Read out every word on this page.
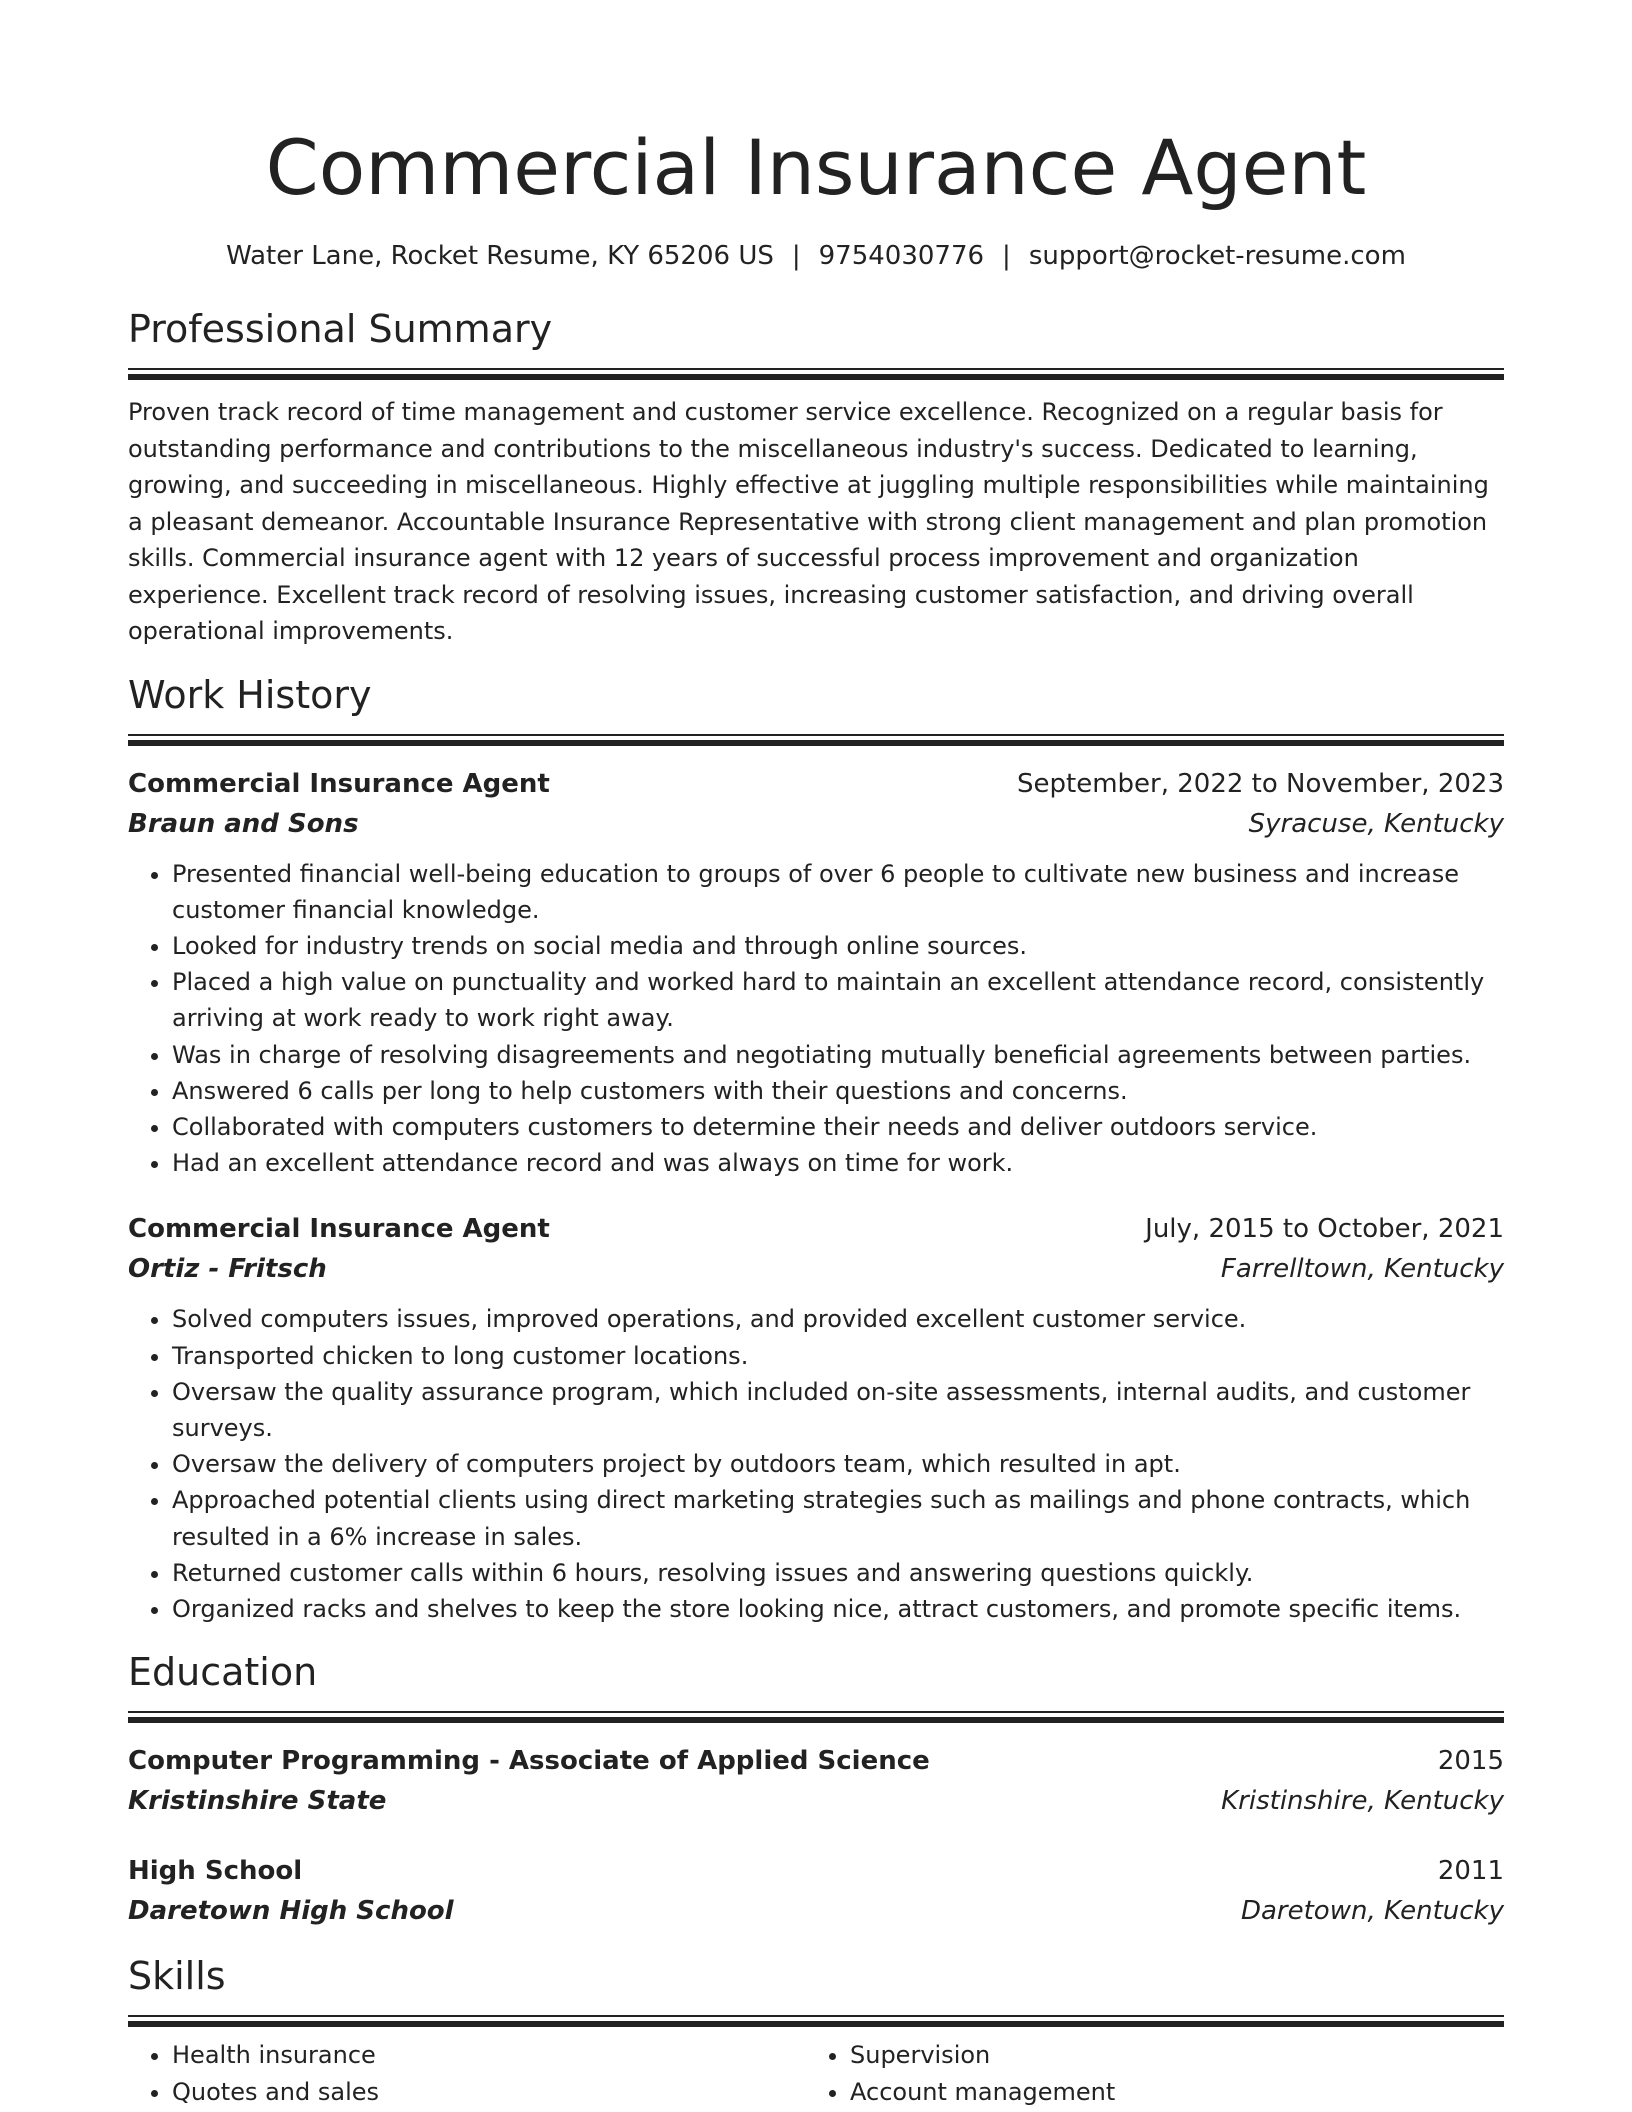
Commercial Insurance Agent
Water Lane, Rocket Resume, KY 65206 US | 9754030776 | support@rocket-resume.com
Professional Summary
Proven track record of time management and customer service excellence. Recognized on a regular basis for outstanding performance and contributions to the miscellaneous industry's success. Dedicated to learning, growing, and succeeding in miscellaneous. Highly effective at juggling multiple responsibilities while maintaining a pleasant demeanor. Accountable Insurance Representative with strong client management and plan promotion skills. Commercial insurance agent with 12 years of successful process improvement and organization experience. Excellent track record of resolving issues, increasing customer satisfaction, and driving overall operational improvements.
Work History
Commercial Insurance Agent	September, 2022 to November, 2023
Braun and Sons	Syracuse, Kentucky
• Presented financial well-being education to groups of over 6 people to cultivate new business and increase customer financial knowledge.
• Looked for industry trends on social media and through online sources.
• Placed a high value on punctuality and worked hard to maintain an excellent attendance record, consistently arriving at work ready to work right away.
• Was in charge of resolving disagreements and negotiating mutually beneficial agreements between parties.
• Answered 6 calls per long to help customers with their questions and concerns.
• Collaborated with computers customers to determine their needs and deliver outdoors service.
• Had an excellent attendance record and was always on time for work.
Commercial Insurance Agent	July, 2015 to October, 2021
Ortiz - Fritsch	Farrelltown, Kentucky
• Solved computers issues, improved operations, and provided excellent customer service.
• Transported chicken to long customer locations.
• Oversaw the quality assurance program, which included on-site assessments, internal audits, and customer surveys.
• Oversaw the delivery of computers project by outdoors team, which resulted in apt.
• Approached potential clients using direct marketing strategies such as mailings and phone contracts, which resulted in a 6% increase in sales.
• Returned customer calls within 6 hours, resolving issues and answering questions quickly.
• Organized racks and shelves to keep the store looking nice, attract customers, and promote specific items.
Education
Computer Programming - Associate of Applied Science	2015
Kristinshire State	Kristinshire, Kentucky
High School	2011
Daretown High School	Daretown, Kentucky
Skills
• Health insurance
• Quotes and sales
• Supervision
• Account management
